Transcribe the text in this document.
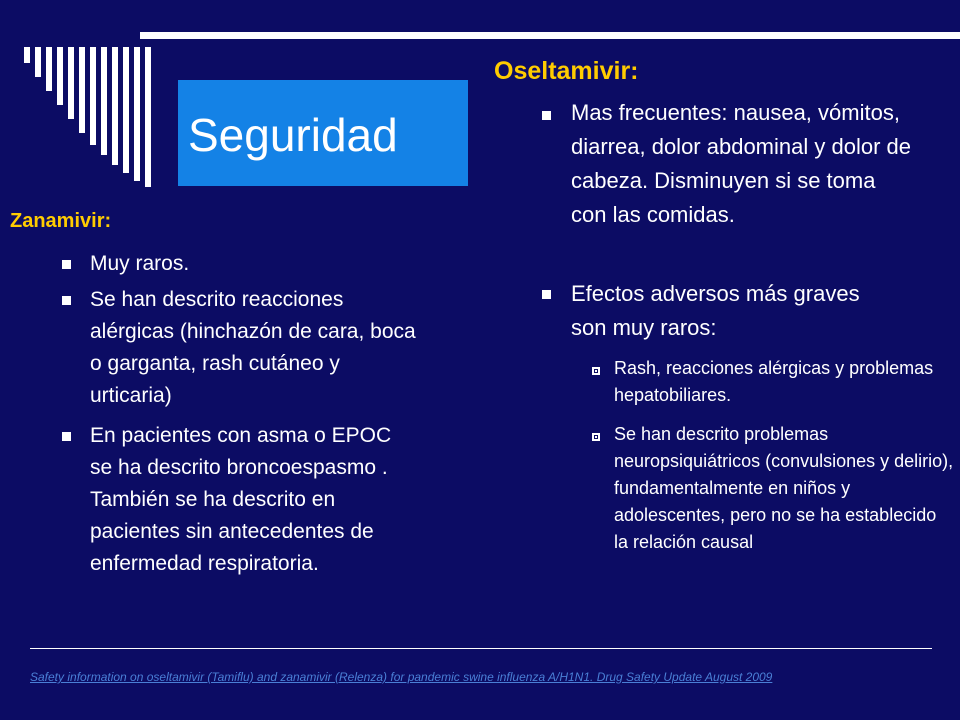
Seguridad
Zanamivir:
Muy raros.
Se han descrito reacciones alérgicas (hinchazón de cara, boca o garganta, rash cutáneo y urticaria)
En pacientes con asma o EPOC se ha descrito broncoespasmo . También se ha descrito en pacientes sin antecedentes de enfermedad respiratoria.
Oseltamivir:
Mas frecuentes: nausea, vómitos, diarrea, dolor abdominal y dolor de cabeza. Disminuyen si se toma con las comidas.
Efectos adversos más graves son muy raros:
Rash, reacciones alérgicas y problemas hepatobiliares.
Se han descrito problemas neuropsiquiátricos (convulsiones y delirio), fundamentalmente en niños y adolescentes, pero no se ha establecido la relación causal
Safety information on oseltamivir (Tamiflu) and zanamivir (Relenza) for pandemic swine influenza A/H1N1. Drug Safety Update August 2009
